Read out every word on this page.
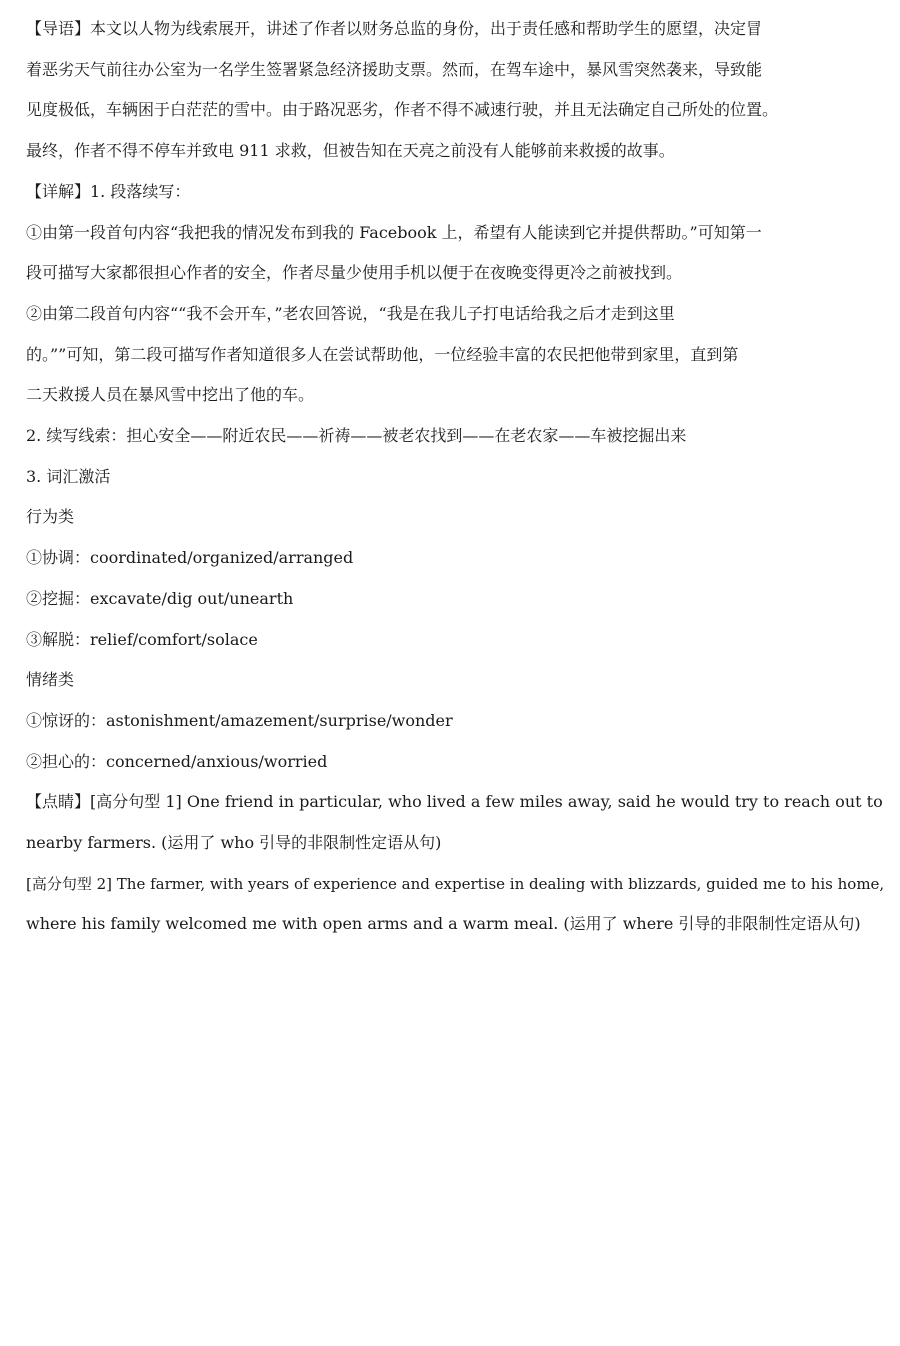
【导语】本文以人物为线索展开，讲述了作者以财务总监的身份，出于责任感和帮助学生的愿望，决定冒

着恶劣天气前往办公室为一名学生签署紧急经济援助支票。然而，在驾车途中，暴风雪突然袭来，导致能

见度极低，车辆困于白茫茫的雪中。由于路况恶劣，作者不得不减速行驶，并且无法确定自己所处的位置。

最终，作者不得不停车并致电 911 求救，但被告知在天亮之前没有人能够前来救援的故事。

【详解】1. 段落续写：

①由第一段首句内容“我把我的情况发布到我的 Facebook 上，希望有人能读到它并提供帮助。”可知第一

段可描写大家都很担心作者的安全，作者尽量少使用手机以便于在夜晚变得更冷之前被找到。

②由第二段首句内容““我不会开车，”老农回答说，“我是在我儿子打电话给我之后才走到这里

的。””可知，第二段可描写作者知道很多人在尝试帮助他，一位经验丰富的农民把他带到家里，直到第

二天救援人员在暴风雪中挖出了他的车。

2. 续写线索：担心安全——附近农民——祈祷——被老农找到——在老农家——车被挖掘出来

3. 词汇激活

行为类

①协调：coordinated/organized/arranged

②挖掘：excavate/dig out/unearth

③解脱：relief/comfort/solace

情绪类

①惊讶的：astonishment/amazement/surprise/wonder

②担心的：concerned/anxious/worried

【点睛】[高分句型 1] One friend in particular, who lived a few miles away, said he would try to reach out to

nearby farmers. (运用了 who 引导的非限制性定语从句)

[高分句型 2] The farmer, with years of experience and expertise in dealing with blizzards, guided me to his home,

where his family welcomed me with open arms and a warm meal. (运用了 where 引导的非限制性定语从句)
